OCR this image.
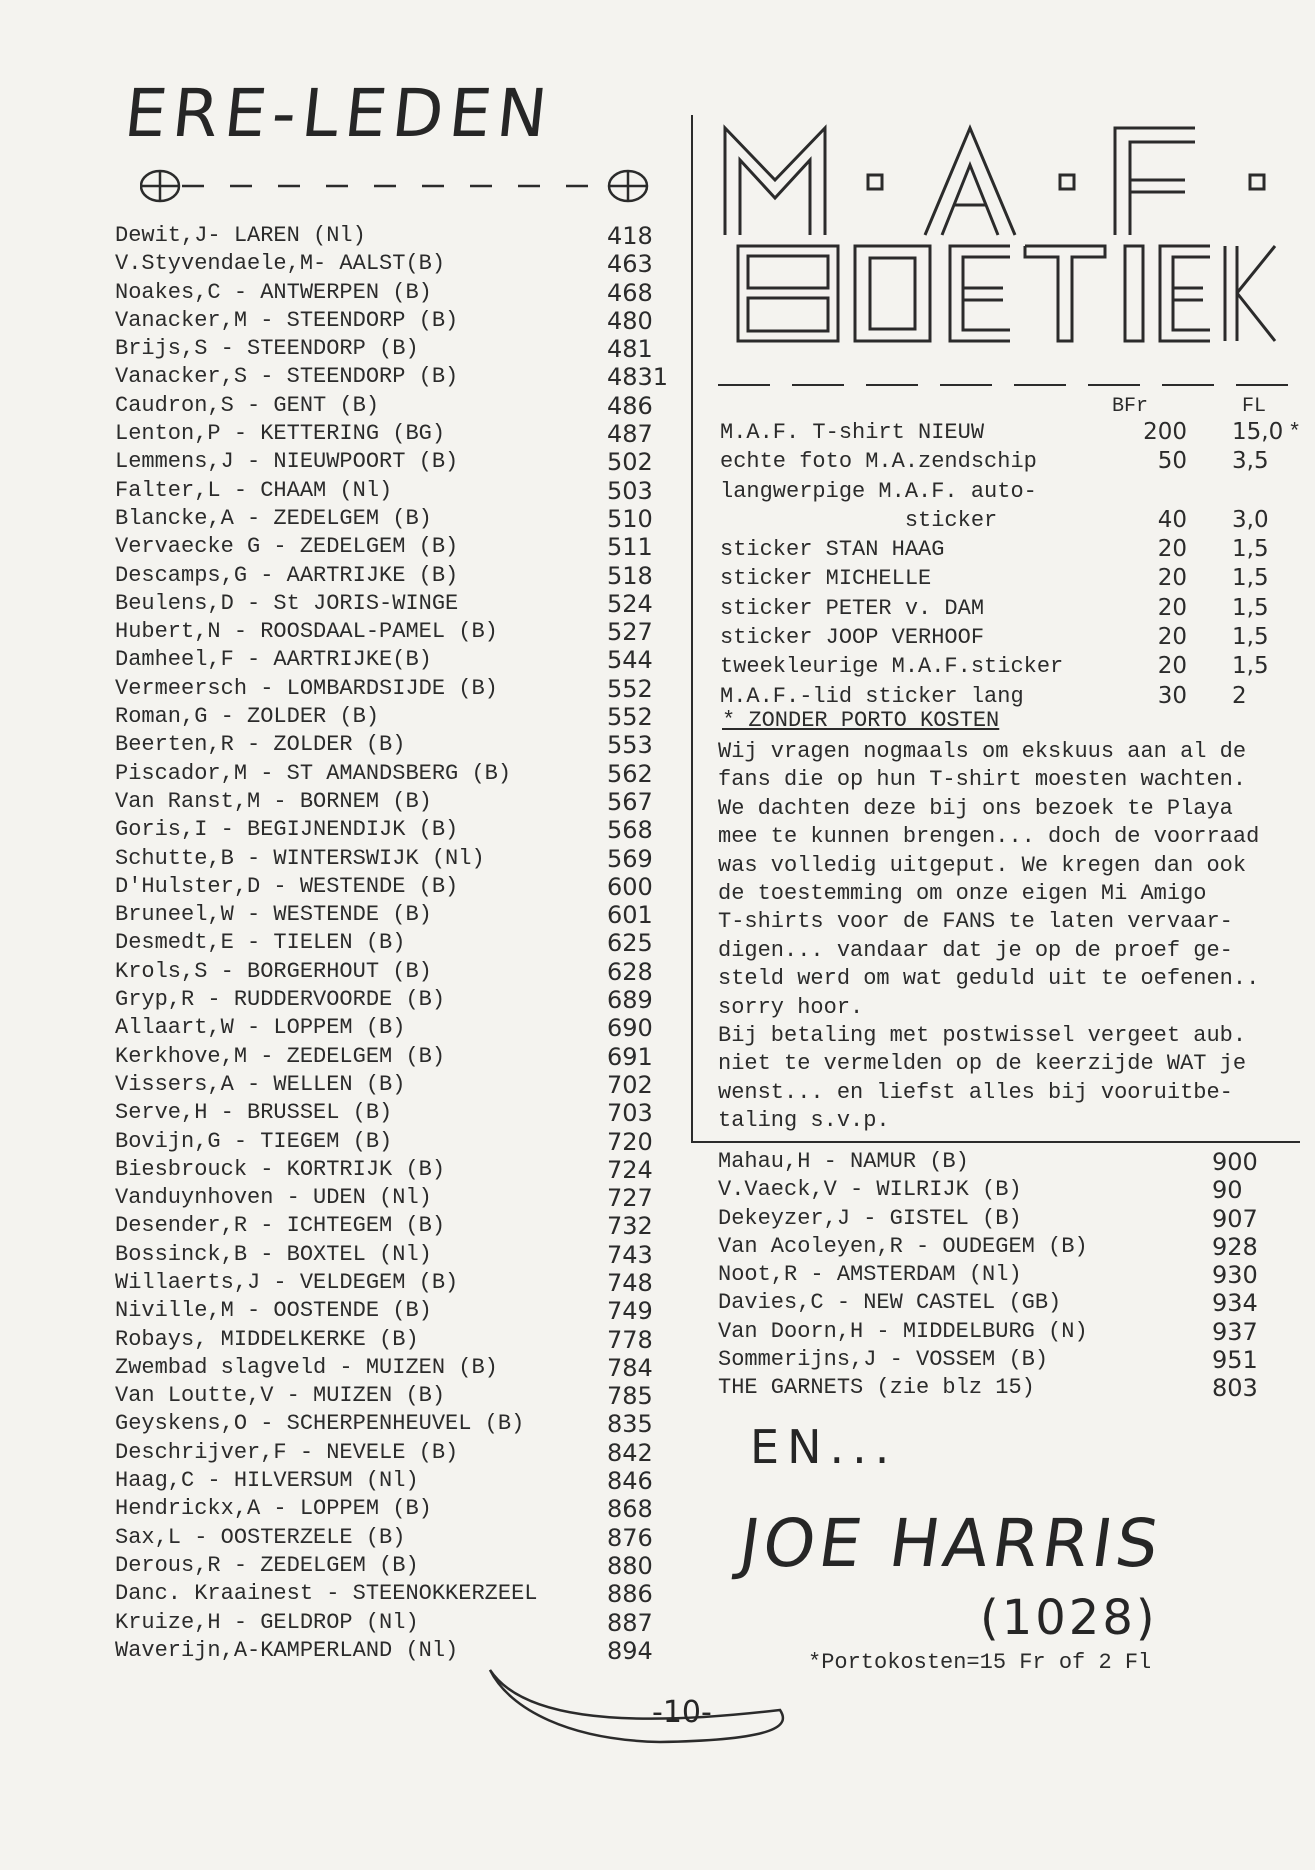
ERE-LEDEN
Dewit,J- LAREN (Nl)	418
V.Styvendaele,M- AALST(B)	463
Noakes,C - ANTWERPEN (B)	468
Vanacker,M - STEENDORP (B)	480
Brijs,S - STEENDORP (B)	481
Vanacker,S - STEENDORP (B)	4831
Caudron,S - GENT (B)	486
Lenton,P - KETTERING (BG)	487
Lemmens,J - NIEUWPOORT (B)	502
Falter,L - CHAAM (Nl)	503
Blancke,A - ZEDELGEM (B)	510
Vervaecke G - ZEDELGEM (B)	511
Descamps,G - AARTRIJKE (B)	518
Beulens,D - St JORIS-WINGE	524
Hubert,N - ROOSDAAL-PAMEL (B)	527
Damheel,F - AARTRIJKE(B)	544
Vermeersch - LOMBARDSIJDE (B)	552
Roman,G - ZOLDER (B)	552
Beerten,R - ZOLDER (B)	553
Piscador,M - ST AMANDSBERG (B)	562
Van Ranst,M - BORNEM (B)	567
Goris,I - BEGIJNENDIJK (B)	568
Schutte,B - WINTERSWIJK (Nl)	569
D'Hulster,D - WESTENDE (B)	600
Bruneel,W - WESTENDE (B)	601
Desmedt,E - TIELEN (B)	625
Krols,S - BORGERHOUT (B)	628
Gryp,R - RUDDERVOORDE (B)	689
Allaart,W - LOPPEM (B)	690
Kerkhove,M - ZEDELGEM (B)	691
Vissers,A - WELLEN (B)	702
Serve,H - BRUSSEL (B)	703
Bovijn,G - TIEGEM (B)	720
Biesbrouck - KORTRIJK (B)	724
Vanduynhoven - UDEN (Nl)	727
Desender,R - ICHTEGEM (B)	732
Bossinck,B - BOXTEL (Nl)	743
Willaerts,J - VELDEGEM (B)	748
Niville,M - OOSTENDE (B)	749
Robays, MIDDELKERKE (B)	778
Zwembad slagveld - MUIZEN (B)	784
Van Loutte,V - MUIZEN (B)	785
Geyskens,O - SCHERPENHEUVEL (B)	835
Deschrijver,F - NEVELE (B)	842
Haag,C - HILVERSUM (Nl)	846
Hendrickx,A - LOPPEM (B)	868
Sax,L - OOSTERZELE (B)	876
Derous,R - ZEDELGEM (B)	880
Danc. Kraainest - STEENOKKERZEEL	886
Kruize,H - GELDROP (Nl)	887
Waverijn,A-KAMPERLAND (Nl)	894
BFr	FL
M.A.F. T-shirt NIEUW	200 15,0 *
echte foto M.A.zendschip	50 3,5
langwerpige M.A.F. auto-
sticker	40 3,0
sticker STAN HAAG	20 1,5
sticker MICHELLE	20 1,5
sticker PETER v. DAM	20 1,5
sticker JOOP VERHOOF	20 1,5
tweekleurige M.A.F.sticker	20 1,5
M.A.F.-lid sticker lang	30 2
* ZONDER PORTO KOSTEN
Wij vragen nogmaals om ekskuus aan al de
fans die op hun T-shirt moesten wachten.
We dachten deze bij ons bezoek te Playa
mee te kunnen brengen... doch de voorraad
was volledig uitgeput. We kregen dan ook
de toestemming om onze eigen Mi Amigo
T-shirts voor de FANS te laten vervaar-
digen... vandaar dat je op de proef ge-
steld werd om wat geduld uit te oefenen..
sorry hoor.
Bij betaling met postwissel vergeet aub.
niet te vermelden op de keerzijde WAT je
wenst... en liefst alles bij vooruitbe-
taling s.v.p.
Mahau,H - NAMUR (B)	900
V.Vaeck,V - WILRIJK (B)	90
Dekeyzer,J - GISTEL (B)	907
Van Acoleyen,R - OUDEGEM (B)	928
Noot,R - AMSTERDAM (Nl)	930
Davies,C - NEW CASTEL (GB)	934
Van Doorn,H - MIDDELBURG (N)	937
Sommerijns,J - VOSSEM (B)	951
THE GARNETS (zie blz 15)	803
EN...
JOE HARRIS
(1028)
*Portokosten=15 Fr of 2 Fl
-10-
